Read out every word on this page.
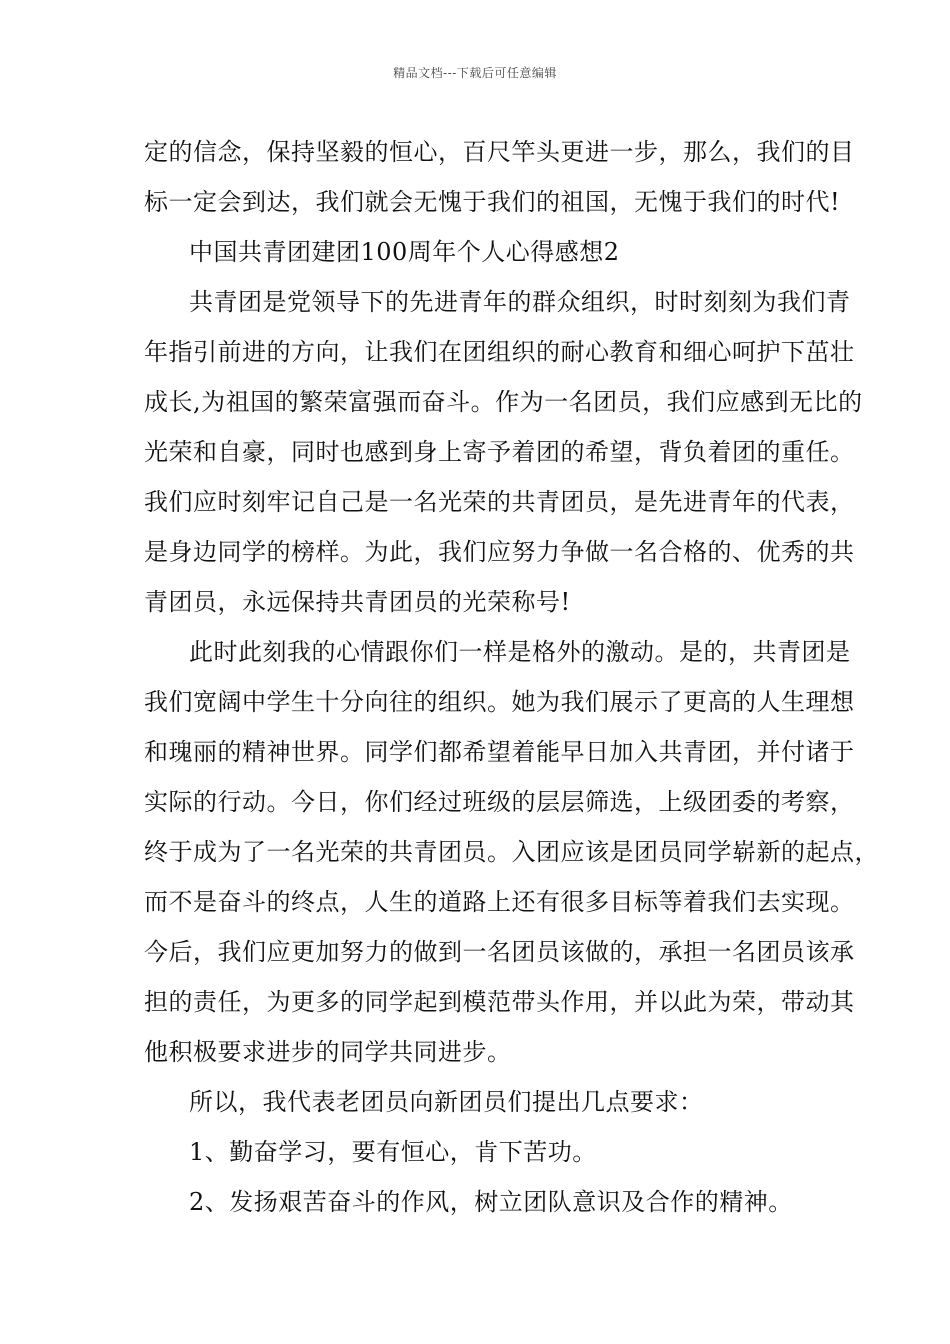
精品文档---下载后可任意编辑
定的信念，保持坚毅的恒心，百尺竿头更进一步，那么，我们的目
标一定会到达，我们就会无愧于我们的祖国，无愧于我们的时代!
中国共青团建团100周年个人心得感想2
共青团是党领导下的先进青年的群众组织，时时刻刻为我们青
年指引前进的方向，让我们在团组织的耐心教育和细心呵护下茁壮
成长,为祖国的繁荣富强而奋斗。作为一名团员，我们应感到无比的
光荣和自豪，同时也感到身上寄予着团的希望，背负着团的重任。
我们应时刻牢记自己是一名光荣的共青团员，是先进青年的代表，
是身边同学的榜样。为此，我们应努力争做一名合格的、优秀的共
青团员，永远保持共青团员的光荣称号!
此时此刻我的心情跟你们一样是格外的激动。是的，共青团是
我们宽阔中学生十分向往的组织。她为我们展示了更高的人生理想
和瑰丽的精神世界。同学们都希望着能早日加入共青团，并付诸于
实际的行动。今日，你们经过班级的层层筛选，上级团委的考察，
终于成为了一名光荣的共青团员。入团应该是团员同学崭新的起点，
而不是奋斗的终点，人生的道路上还有很多目标等着我们去实现。
今后，我们应更加努力的做到一名团员该做的，承担一名团员该承
担的责任，为更多的同学起到模范带头作用，并以此为荣，带动其
他积极要求进步的同学共同进步。
所以，我代表老团员向新团员们提出几点要求：
1、勤奋学习，要有恒心，肯下苦功。
2、发扬艰苦奋斗的作风，树立团队意识及合作的精神。
